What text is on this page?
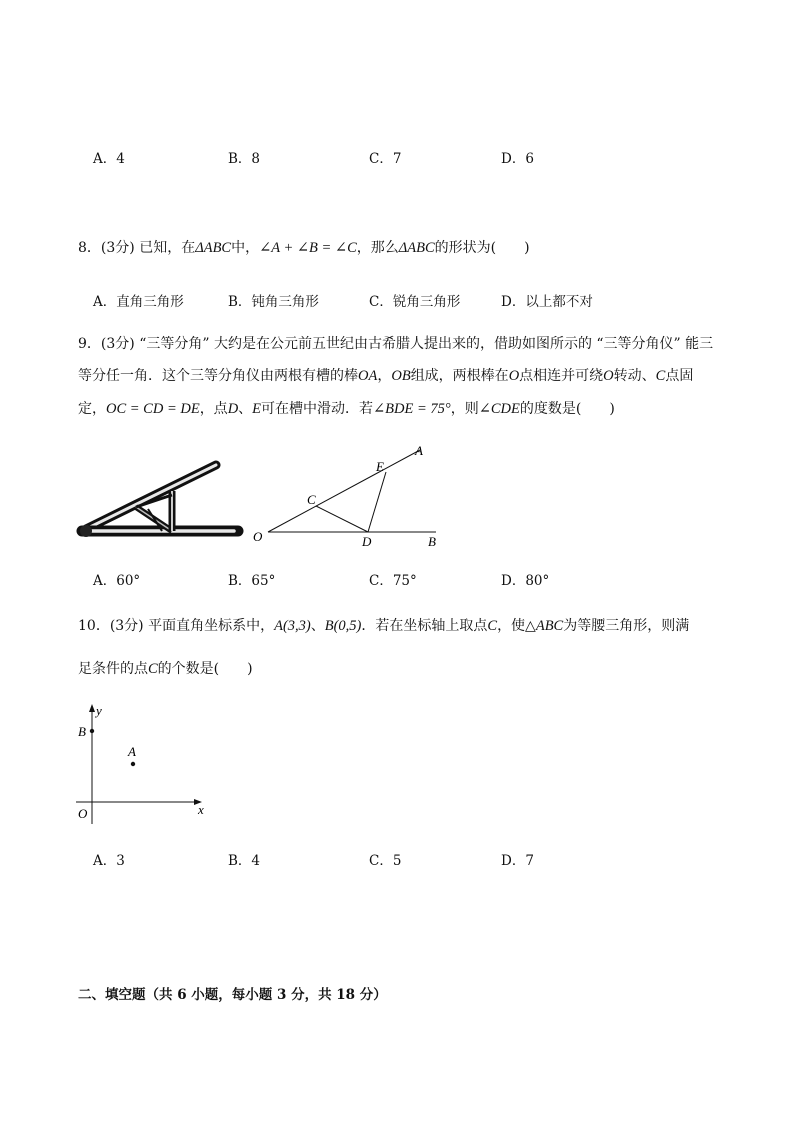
A．4	B．8	C．7	D．6
8．(3分) 已知，在ΔABC中，∠A + ∠B = ∠C，那么ΔABC的形状为(　　)
A．直角三角形	B．钝角三角形	C．锐角三角形	D．以上都不对
9．(3分) “三等分角” 大约是在公元前五世纪由古希腊人提出来的，借助如图所示的 “三等分角仪” 能三
等分任一角．这个三等分角仪由两根有槽的棒OA，OB组成，两根棒在O点相连并可绕O转动、C点固
定，OC = CD = DE，点D、E可在槽中滑动．若∠BDE = 75°，则∠CDE的度数是(　　)
A
E
C
O	D	B
A．60°	B．65°	C．75°	D．80°
10．(3分) 平面直角坐标系中，A(3,3)、B(0,5)．若在坐标轴上取点C，使△ABC为等腰三角形，则满
足条件的点C的个数是(　　)
y
x
B
A
O
A．3	B．4	C．5	D．7
二、填空题（共 6 小题，每小题 3 分，共 18 分）
